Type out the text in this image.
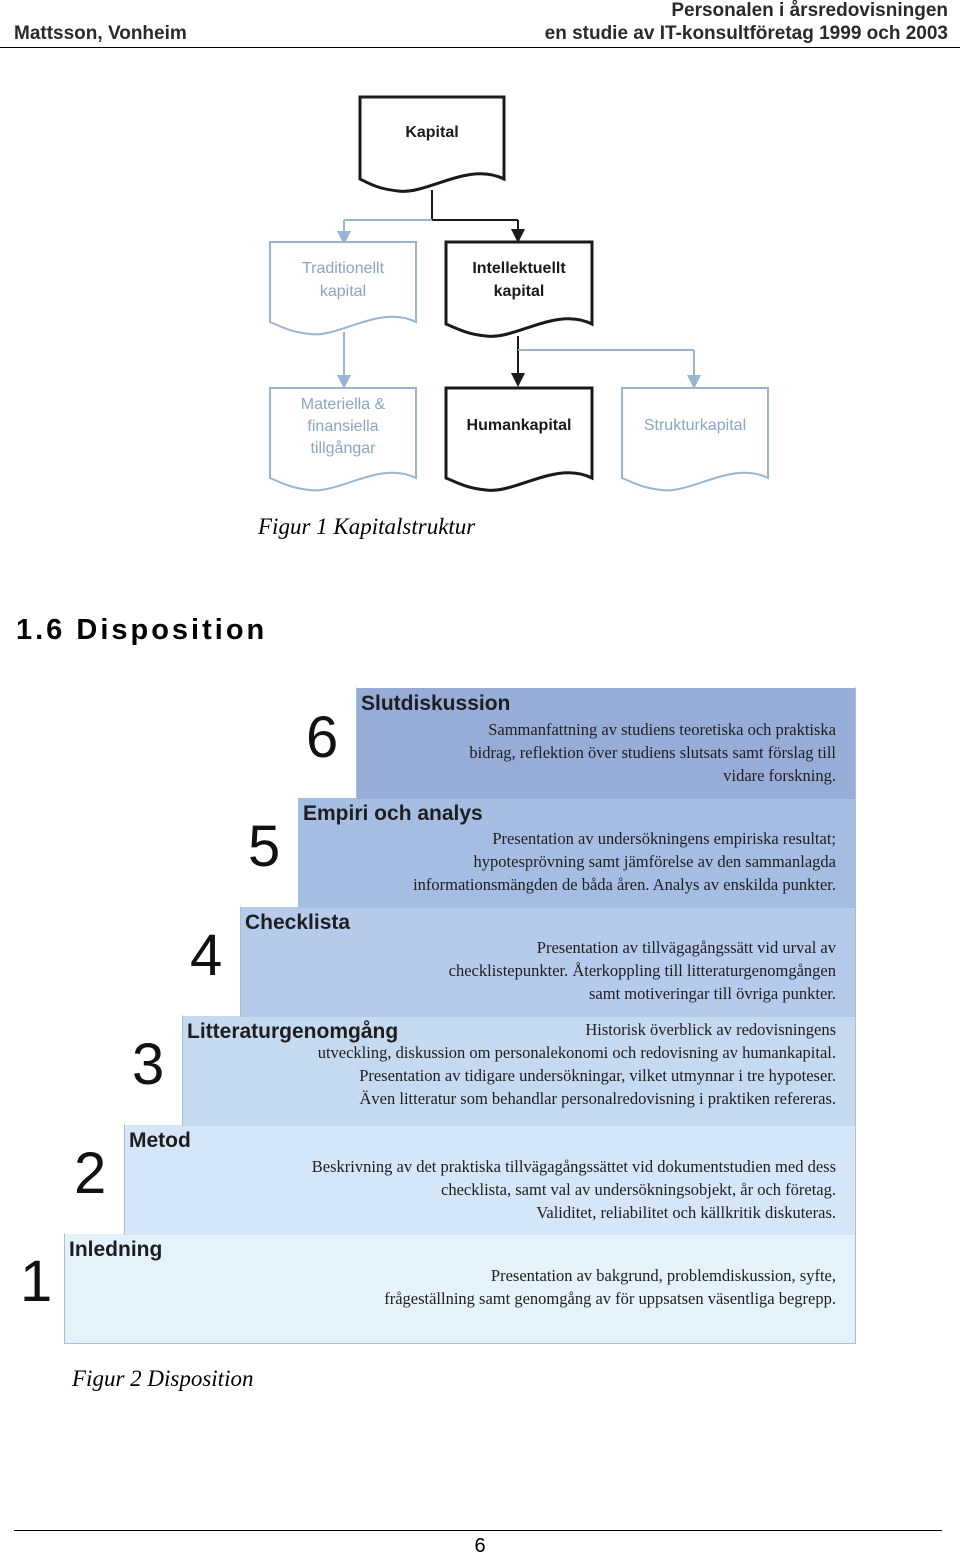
Mattsson, Vonheim
Personalen i årsredovisningen
en studie av IT-konsultföretag 1999 och 2003
Kapital
Traditionellt
kapital
Intellektuellt
kapital
Materiella &
finansiella
tillgångar
Humankapital	Strukturkapital
Figur 1 Kapitalstruktur
1.6 Disposition
1 Inledning
Presentation av bakgrund, problemdiskussion, syfte,
frågeställning samt genomgång av för uppsatsen väsentliga begrepp.
2
Metod
Beskrivning av det praktiska tillvägagångssättet vid dokumentstudien med dess
checklista, samt val av undersökningsobjekt, år och företag.
Validitet, reliabilitet och källkritik diskuteras.
3
Litteraturgenomgång	Historisk överblick av redovisningens
utveckling, diskussion om personalekonomi och redovisning av humankapital.
Presentation av tidigare undersökningar, vilket utmynnar i tre hypoteser.
Även litteratur som behandlar personalredovisning i praktiken refereras.
4
Checklista
Presentation av tillvägagångssätt vid urval av
checklistepunkter. Återkoppling till litteraturgenomgången
samt motiveringar till övriga punkter.
5
Empiri och analys
Presentation av undersökningens empiriska resultat;
hypotesprövning samt jämförelse av den sammanlagda
informationsmängden de båda åren. Analys av enskilda punkter.
6
Slutdiskussion
Sammanfattning av studiens teoretiska och praktiska
bidrag, reflektion över studiens slutsats samt förslag till
vidare forskning.
Figur 2 Disposition
6
